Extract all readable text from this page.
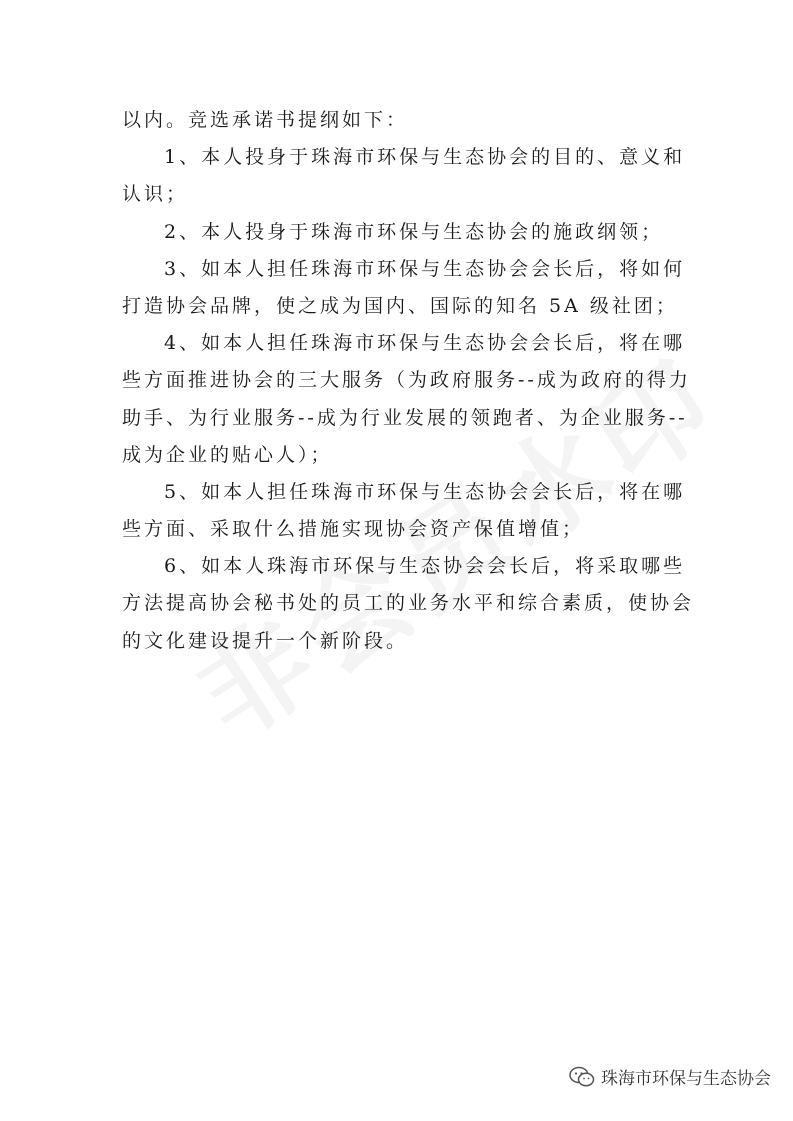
以内。竞选承诺书提纲如下：
1、本人投身于珠海市环保与生态协会的目的、意义和
认识；
2、本人投身于珠海市环保与生态协会的施政纲领；
3、如本人担任珠海市环保与生态协会会长后，将如何
打造协会品牌，使之成为国内、国际的知名 5A 级社团；
4、如本人担任珠海市环保与生态协会会长后，将在哪
些方面推进协会的三大服务（为政府服务--成为政府的得力
助手、为行业服务--成为行业发展的领跑者、为企业服务--
成为企业的贴心人）；
5、如本人担任珠海市环保与生态协会会长后，将在哪
些方面、采取什么措施实现协会资产保值增值；
6、如本人珠海市环保与生态协会会长后，将采取哪些
方法提高协会秘书处的员工的业务水平和综合素质，使协会
的文化建设提升一个新阶段。
珠海市环保与生态协会
